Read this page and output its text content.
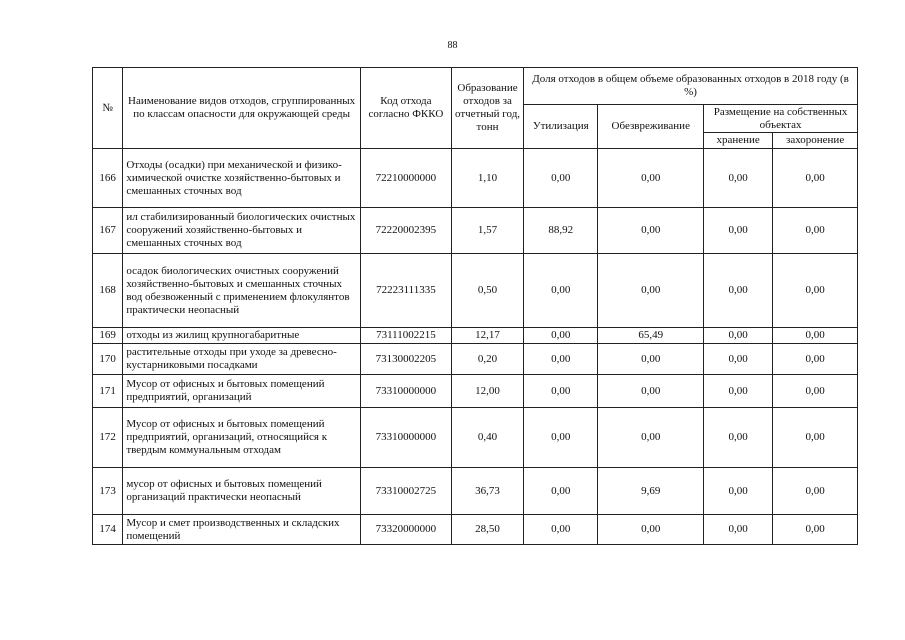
88
№	Наименование видов отходов, сгруппированных по классам опасности для окружающей среды	Код отхода согласно ФККО	Образование отходов за отчетный год, тонн	Доля отходов в общем объеме образованных отходов в 2018 году (в %)			
				Утилизация	Обезвреживание	Размещение на собственных объектах	
						хранение	захоронение
166	Отходы (осадки) при механической и физико-химической очистке хозяйственно-бытовых и смешанных сточных вод	72210000000	1,10	0,00	0,00	0,00	0,00
167	ил стабилизированный биологических очистных сооружений хозяйственно-бытовых и смешанных сточных вод	72220002395	1,57	88,92	0,00	0,00	0,00
168	осадок биологических очистных сооружений хозяйственно-бытовых и смешанных сточных вод обезвоженный с применением флокулянтов практически неопасный	72223111335	0,50	0,00	0,00	0,00	0,00
169	отходы из жилищ крупногабаритные	73111002215	12,17	0,00	65,49	0,00	0,00
170	растительные отходы при уходе за древесно-кустарниковыми посадками	73130002205	0,20	0,00	0,00	0,00	0,00
171	Мусор от офисных и бытовых помещений предприятий, организаций	73310000000	12,00	0,00	0,00	0,00	0,00
172	Мусор от офисных и бытовых помещений предприятий, организаций, относящийся к твердым коммунальным отходам	73310000000	0,40	0,00	0,00	0,00	0,00
173	мусор от офисных и бытовых помещений организаций практически неопасный	73310002725	36,73	0,00	9,69	0,00	0,00
174	Мусор и смет производственных и складских помещений	73320000000	28,50	0,00	0,00	0,00	0,00
